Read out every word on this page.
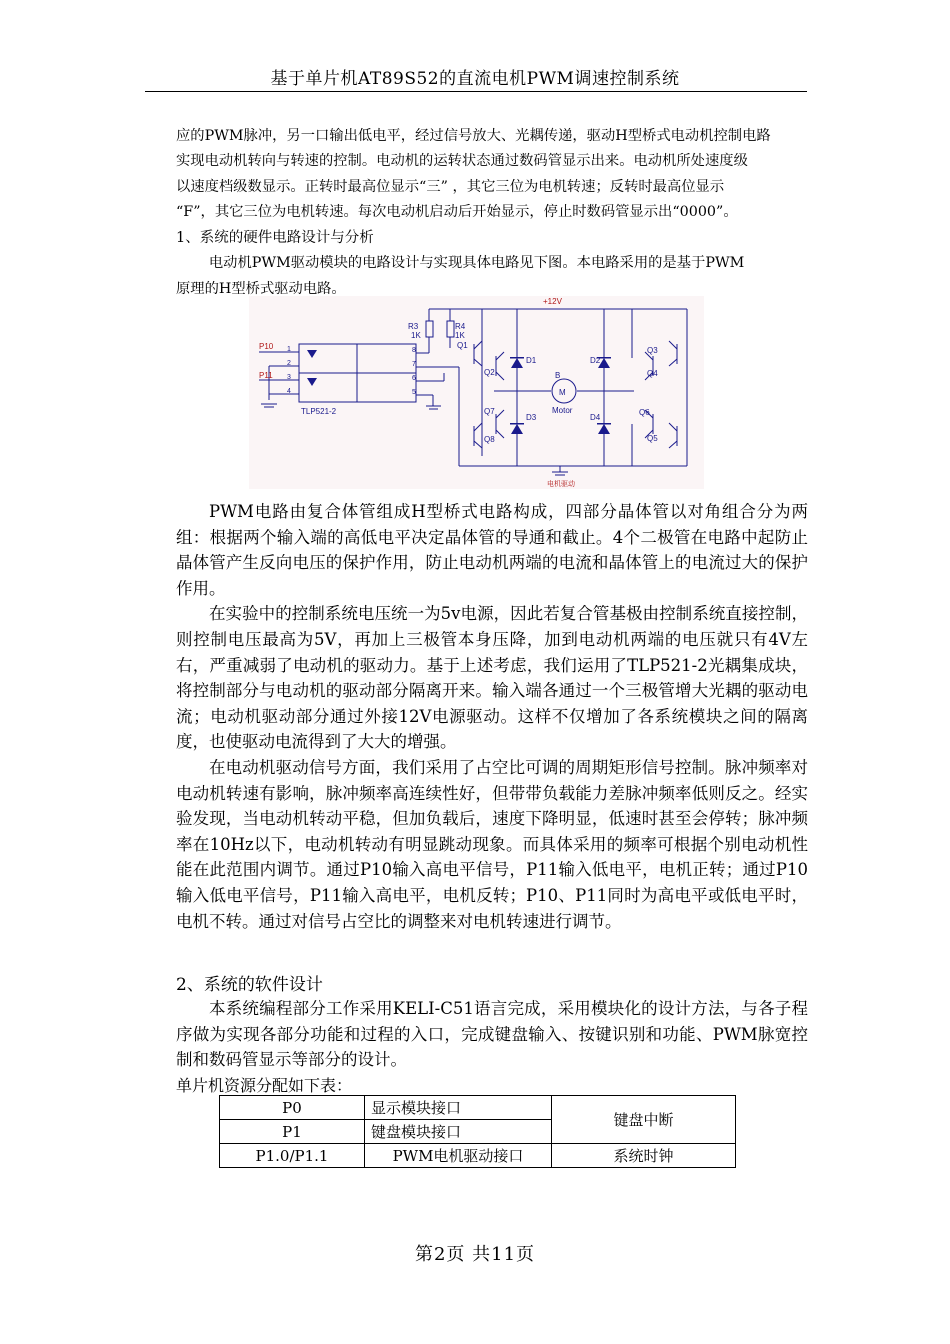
基于单片机AT89S52的直流电机PWM调速控制系统

应的PWM脉冲，另一口输出低电平，经过信号放大、光耦传递，驱动H型桥式电动机控制电路

实现电动机转向与转速的控制。电动机的运转状态通过数码管显示出来。电动机所处速度级

以速度档级数显示。正转时最高位显示“三” ，其它三位为电机转速；反转时最高位显示

“F”，其它三位为电机转速。每次电动机启动后开始显示，停止时数码管显示出“0000”。

1、系统的硬件电路设计与分析

电动机PWM驱动模块的电路设计与实现具体电路见下图。本电路采用的是基于PWM

原理的H型桥式驱动电路。

+12V
R3
1K
R4
1K
P10
P11
TLP521-2
1
2
3
4
8
7
6
5
Q1
Q2
Q7
Q8
Q3
Q4
Q6
Q5
D1
D3
D2
D4
B
M
Motor
电机驱动

PWM电路由复合体管组成H型桥式电路构成，四部分晶体管以对角组合分为两组：根据两个输入端的高低电平决定晶体管的导通和截止。4个二极管在电路中起防止晶体管产生反向电压的保护作用，防止电动机两端的电流和晶体管上的电流过大的保护作用。

在实验中的控制系统电压统一为5v电源，因此若复合管基极由控制系统直接控制，则控制电压最高为5V，再加上三极管本身压降，加到电动机两端的电压就只有4V左右，严重减弱了电动机的驱动力。基于上述考虑，我们运用了TLP521-2光耦集成块，将控制部分与电动机的驱动部分隔离开来。输入端各通过一个三极管增大光耦的驱动电流；电动机驱动部分通过外接12V电源驱动。这样不仅增加了各系统模块之间的隔离度，也使驱动电流得到了大大的增强。

在电动机驱动信号方面，我们采用了占空比可调的周期矩形信号控制。脉冲频率对电动机转速有影响，脉冲频率高连续性好，但带带负载能力差脉冲频率低则反之。经实验发现，当电动机转动平稳，但加负载后，速度下降明显，低速时甚至会停转；脉冲频率在10Hz以下，电动机转动有明显跳动现象。而具体采用的频率可根据个别电动机性能在此范围内调节。通过P10输入高电平信号，P11输入低电平，电机正转；通过P10输入低电平信号，P11输入高电平，电机反转；P10、P11同时为高电平或低电平时，电机不转。通过对信号占空比的调整来对电机转速进行调节。

2、系统的软件设计

本系统编程部分工作采用KELI-C51语言完成，采用模块化的设计方法，与各子程序做为实现各部分功能和过程的入口，完成键盘输入、按键识别和功能、PWM脉宽控制和数码管显示等部分的设计。

单片机资源分配如下表：
P0	显示模块接口	键盘中断
P1	键盘模块接口	
P1.0/P1.1	PWM电机驱动接口	系统时钟
第2页 共11页
